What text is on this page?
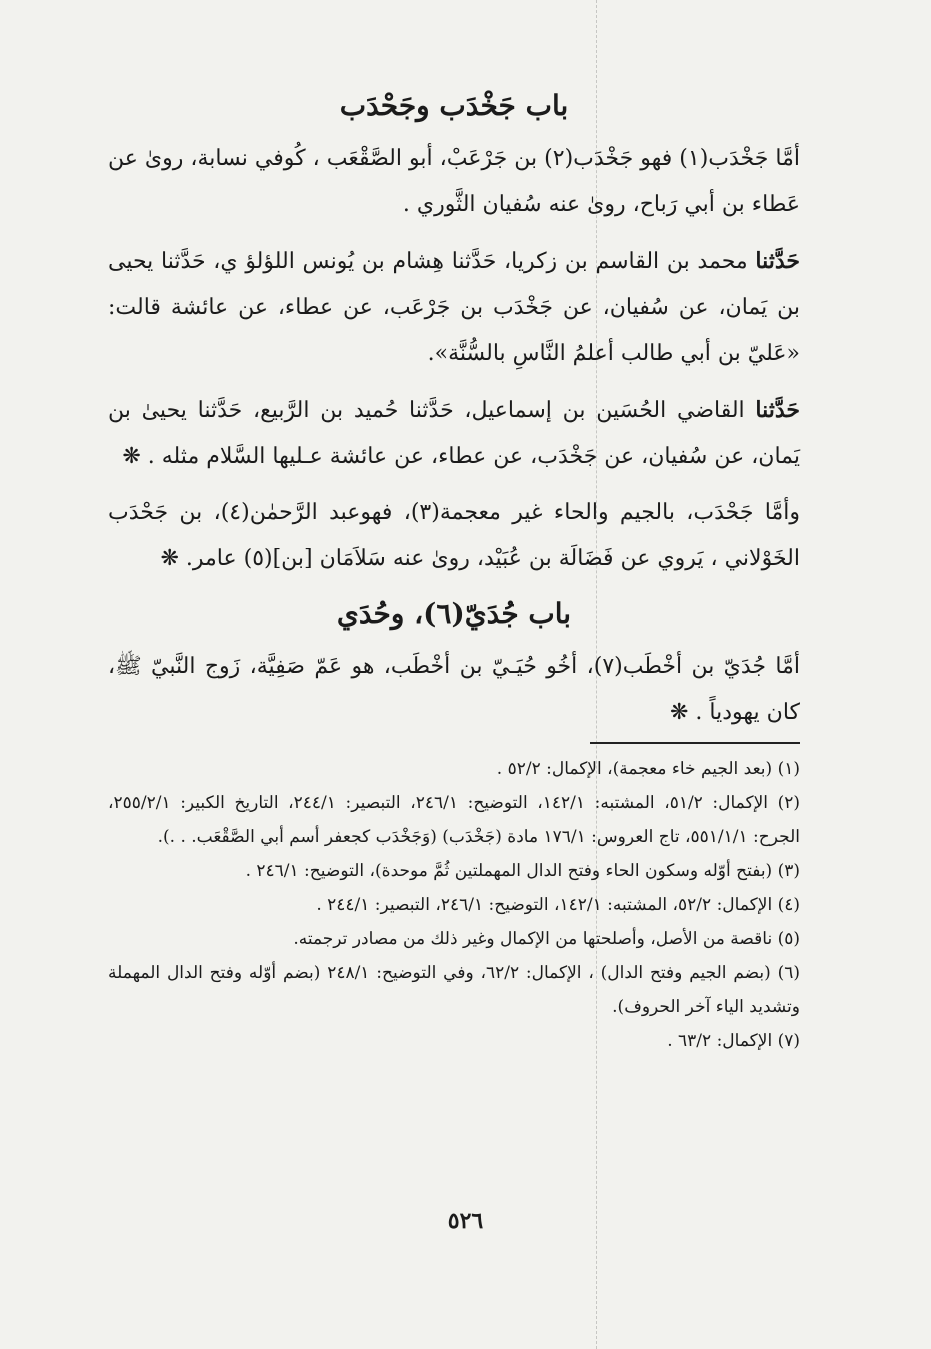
باب جَخْدَب وجَحْدَب

أمَّا جَخْدَب(١) فهو جَخْدَب(٢) بن جَرْعَبْ، أبو الصَّقْعَب ، كُوفي نسابة، روىٰ عن عَطاء بن أبي رَباح، روىٰ عنه سُفيان الثَّوري .

حَدَّثنا محمد بن القاسم بن زكريا، حَدَّثنا هِشام بن يُونس اللؤلؤ ي، حَدَّثنا يحيى بن يَمان، عن سُفيان، عن جَخْدَب بن جَرْعَب، عن عطاء، عن عائشة قالت: «عَليّ بن أبي طالب أعلمُ النَّاسِ بالسُّنَّة».

حَدَّثنا القاضي الحُسَين بن إسماعيل، حَدَّثنا حُميد بن الرَّبيع، حَدَّثنا يحيىٰ بن يَمان، عن سُفيان، عن جَخْدَب، عن عطاء، عن عائشة عـليها السَّلام مثله . ❋

وأمَّا جَحْدَب، بالجيم والحاء غير معجمة(٣)، فهوعبد الرَّحمٰن(٤)، بن جَحْدَب الخَوْلاني ، يَروي عن فَضَالَة بن عُبَيْد، روىٰ عنه سَلاَمَان [بن](٥) عامر. ❋

باب جُدَيّ(٦)، وحُدَي

أمَّا جُدَيّ بن أخْطَب(٧)، أخُو حُيَـيّ بن أخْطَب، هو عَمّ صَفِيَّة، زَوج النَّبيّ ﷺ، كان يهودياً . ❋

(١) (بعد الجيم خاء معجمة)، الإكمال: ٥٢/٢ .

(٢) الإكمال: ٥١/٢، المشتبه: ١٤٢/١، التوضيح: ٢٤٦/١، التبصير: ٢٤٤/١، التاريخ الكبير: ٢٥٥/٢/١، الجرح: ٥٥١/١/١، تاج العروس: ١٧٦/١ مادة (جَخْدَب) (وَجَخْدَب كجعفر أسم أبي الصَّقْعَب. . .).

(٣) (بفتح أوّله وسكون الحاء وفتح الدال المهملتين ثُمَّ موحدة)، التوضيح: ٢٤٦/١ .

(٤) الإكمال: ٥٢/٢، المشتبه: ١٤٢/١، التوضيح: ٢٤٦/١، التبصير: ٢٤٤/١ .

(٥) ناقصة من الأصل، وأصلحتها من الإكمال وغير ذلك من مصادر ترجمته.

(٦) (بضم الجيم وفتح الدال) ، الإكمال: ٦٢/٢، وفي التوضيح: ٢٤٨/١ (بضم أوّله وفتح الدال المهملة وتشديد الياء آخر الحروف).

(٧) الإكمال: ٦٣/٢ .

٥٢٦
